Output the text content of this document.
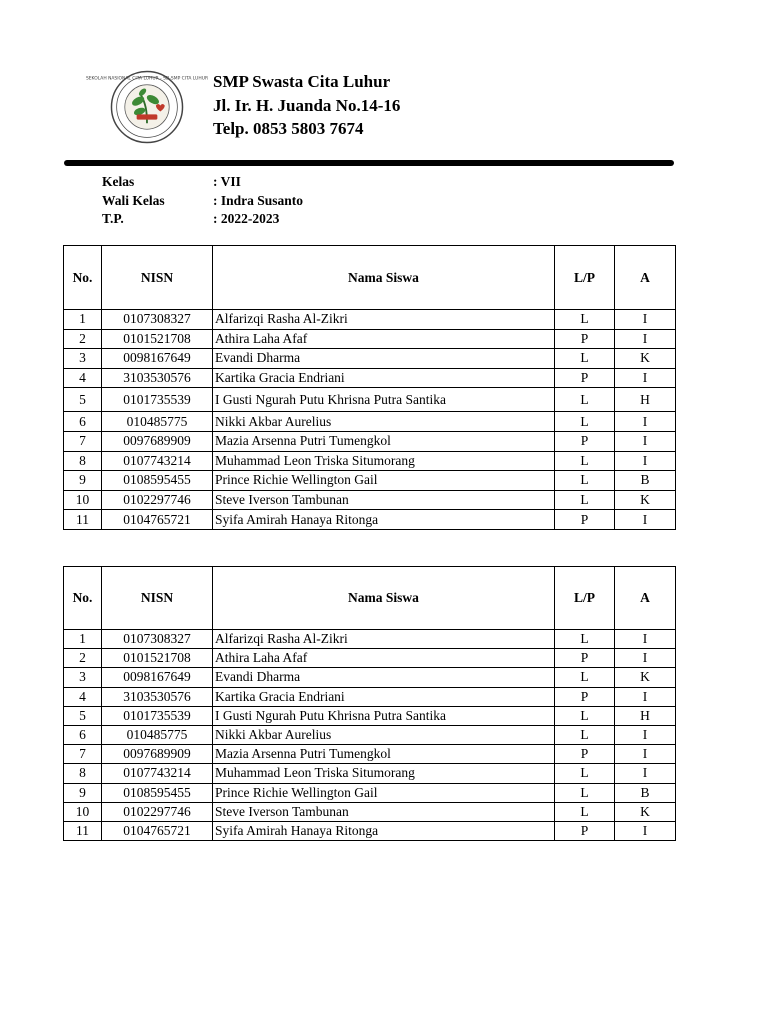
SEKOLAH NASIONAL CITA LUHUR - SD-SMP CITA LUHUR SMP Swasta Cita Luhur
Jl. Ir. H. Juanda No.14-16
Telp. 0853 5803 7674
Kelas	: VII
Wali Kelas	: Indra Susanto
T.P.	: 2022-2023
No.	NISN	Nama Siswa	L/P	A
1	0107308327	Alfarizqi Rasha Al-Zikri	L	I
2	0101521708	Athira Laha Afaf	P	I
3	0098167649	Evandi Dharma	L	K
4	3103530576	Kartika Gracia Endriani	P	I
5	0101735539	I Gusti Ngurah Putu Khrisna Putra Santika	L	H
6	010485775	Nikki Akbar Aurelius	L	I
7	0097689909	Mazia Arsenna Putri Tumengkol	P	I
8	0107743214	Muhammad Leon Triska Situmorang	L	I
9	0108595455	Prince Richie Wellington Gail	L	B
10	0102297746	Steve Iverson Tambunan	L	K
11	0104765721	Syifa Amirah Hanaya Ritonga	P	I
No.	NISN	Nama Siswa	L/P	A
1	0107308327	Alfarizqi Rasha Al-Zikri	L	I
2	0101521708	Athira Laha Afaf	P	I
3	0098167649	Evandi Dharma	L	K
4	3103530576	Kartika Gracia Endriani	P	I
5	0101735539	I Gusti Ngurah Putu Khrisna Putra Santika	L	H
6	010485775	Nikki Akbar Aurelius	L	I
7	0097689909	Mazia Arsenna Putri Tumengkol	P	I
8	0107743214	Muhammad Leon Triska Situmorang	L	I
9	0108595455	Prince Richie Wellington Gail	L	B
10	0102297746	Steve Iverson Tambunan	L	K
11	0104765721	Syifa Amirah Hanaya Ritonga	P	I
